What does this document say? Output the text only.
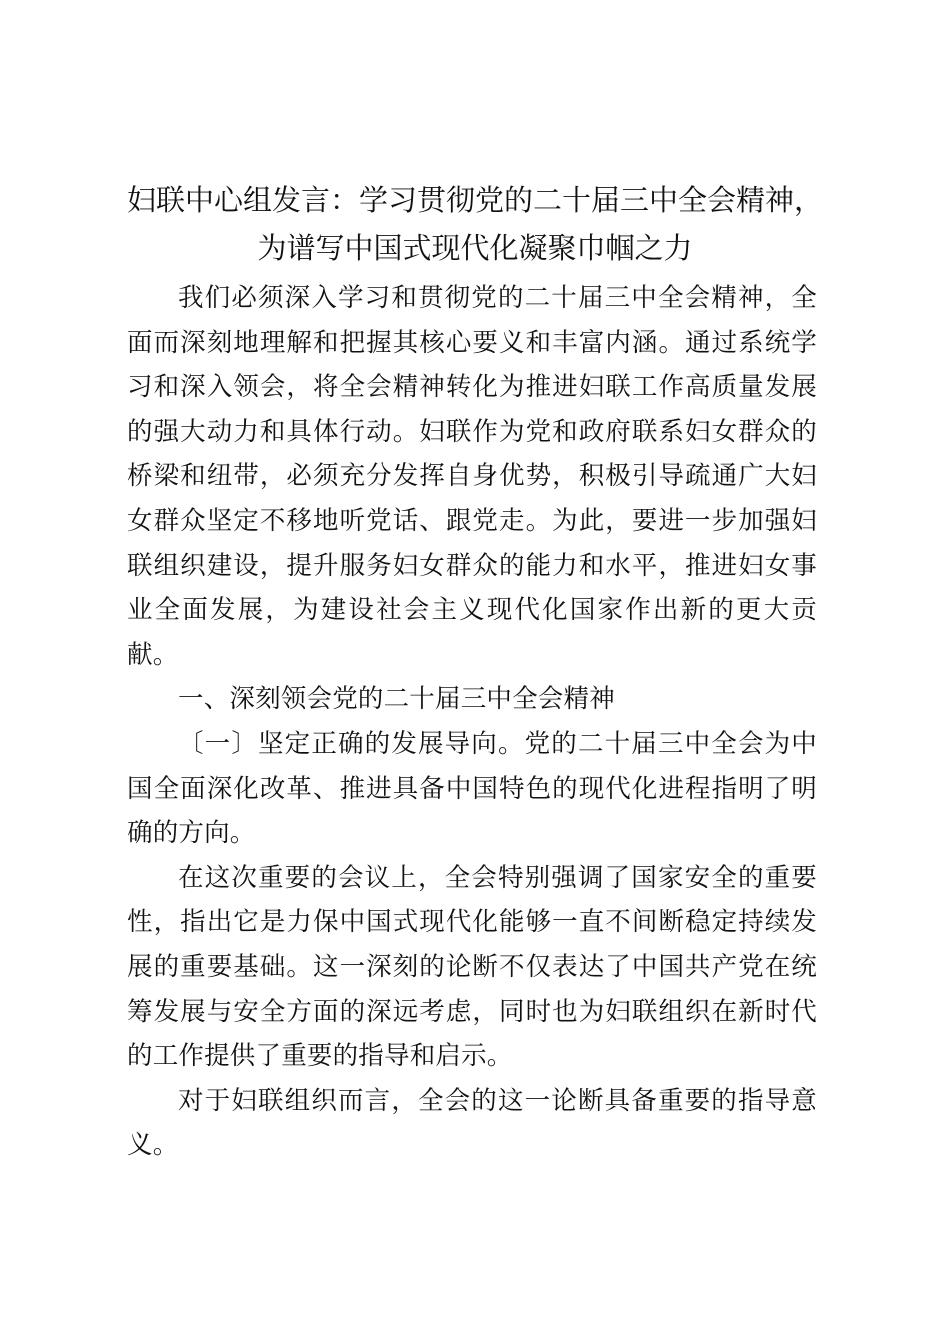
妇联中心组发言：学习贯彻党的二十届三中全会精神，
为谱写中国式现代化凝聚巾帼之力

我们必须深入学习和贯彻党的二十届三中全会精神，全面而深刻地理解和把握其核心要义和丰富内涵。通过系统学习和深入领会，将全会精神转化为推进妇联工作高质量发展的强大动力和具体行动。妇联作为党和政府联系妇女群众的桥梁和纽带，必须充分发挥自身优势，积极引导疏通广大妇女群众坚定不移地听党话、跟党走。为此，要进一步加强妇联组织建设，提升服务妇女群众的能力和水平，推进妇女事业全面发展，为建设社会主义现代化国家作出新的更大贡献。

一、深刻领会党的二十届三中全会精神

〔一〕坚定正确的发展导向。党的二十届三中全会为中国全面深化改革、推进具备中国特色的现代化进程指明了明确的方向。

在这次重要的会议上，全会特别强调了国家安全的重要性，指出它是力保中国式现代化能够一直不间断稳定持续发展的重要基础。这一深刻的论断不仅表达了中国共产党在统筹发展与安全方面的深远考虑，同时也为妇联组织在新时代的工作提供了重要的指导和启示。

对于妇联组织而言，全会的这一论断具备重要的指导意义。
